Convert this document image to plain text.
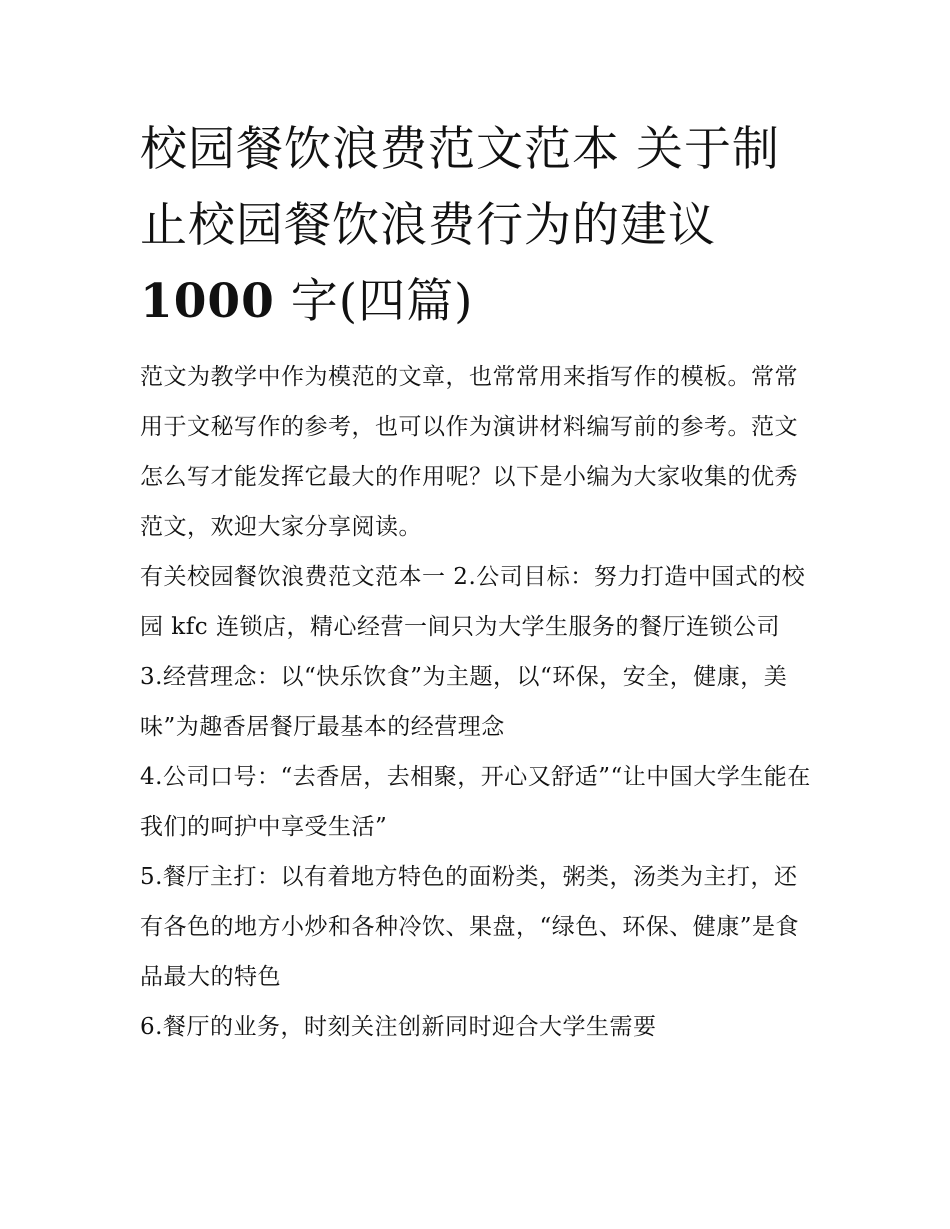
校园餐饮浪费范文范本 关于制
止校园餐饮浪费行为的建议
1000 字(四篇)

范文为教学中作为模范的文章，也常常用来指写作的模板。常常用于文秘写作的参考，也可以作为演讲材料编写前的参考。范文怎么写才能发挥它最大的作用呢？以下是小编为大家收集的优秀范文，欢迎大家分享阅读。

有关校园餐饮浪费范文范本一 2.公司目标：努力打造中国式的校园 kfc 连锁店，精心经营一间只为大学生服务的餐厅连锁公司

3.经营理念：以“快乐饮食”为主题，以“环保，安全，健康，美味”为趣香居餐厅最基本的经营理念

4.公司口号：“去香居，去相聚，开心又舒适”“让中国大学生能在我们的呵护中享受生活”

5.餐厅主打：以有着地方特色的面粉类，粥类，汤类为主打，还有各色的地方小炒和各种冷饮、果盘，“绿色、环保、健康”是食品最大的特色

6.餐厅的业务，时刻关注创新同时迎合大学生需要
